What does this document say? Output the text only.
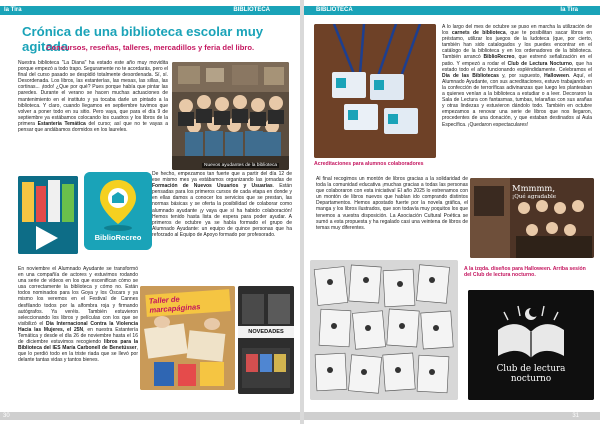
la Tira	BIBLIOTECA
Crónica de una biblioteca escolar muy agitada
Concursos, reseñas, talleres, mercadillos y feria del libro.
Nuestra biblioteca "La Diana" ha estado este año muy movidita porque empezó a todo trapo. Seguramente no te acordarás, pero el final del curso pasado se despidió totalmente desordenada. Sí, sí. Desordenada. Los libros, las estanterías, las mesas, las sillas, las cortinas... ¡todo! ¿Que por qué? Pues porque había que pintar las paredes. Durante el verano se hacen muchas actuaciones de mantenimiento en el instituto y ya tocaba darle un pintado a la biblioteca. Y claro, cuando llegamos en septiembre tuvimos que volver a poner todo en su sitio. Pero vaya, que para el día 9 de septiembre ya estábamos colocando los cuadros y los libros de la primera Estantería Temática del curso; así que no te vayas a pensar que andábamos dormidos en los laureles.
Nuevos ayudantes de la biblioteca
BiblioRecreo
De hecho, empezamos tan fuerte que a partir del día 12 de ese mismo mes ya estábamos organizando las jornadas de Formación de Nuevos Usuarios y Usuarias. Están pensadas para los primeros cursos de cada etapa en donde y en ellas damos a conocer los servicios que se prestan, las normas básicas y se oferta la posibilidad de colaborar como alumnado ayudante ¡y vaya que sí ha habido colaboración! Hemos tenido hasta lista de espera para poder ayudar. A primeros de octubre ya se había formado el grupo de Alumnado Ayudante: un equipo de quince personas que ha reforzado al Equipo de Apoyo formado por profesorado.
En noviembre el Alumnado Ayudante se transformó en una compañía de actores y estuvimos rodando una serie de vídeos en los que escenifican cómo se usa correctamente la biblioteca y cómo no. Están todos nominados para los Goya y los Óscars y ya mismo los veremos en el Festival de Cannes desfilando todos por la alfombra roja y firmando autógrafos. Ya veréis. También estuvieron seleccionando los libros y películas con los que se visibilizó el Día Internacional Contra la Violencia Hacia las Mujeres, el 25N, en nuestra Estantería Temática y desde el día 26 de noviembre hasta el 16 de diciembre estuvimos recogiendo libros para la Biblioteca del IES María Carbonell de Benetússer, que lo perdió todo en la triste riada que se llevó por delante tantas vidas y tantos bienes.
Taller de marcapáginas
NOVEDADES
30
BIBLIOTECA	la Tira
A lo largo del mes de octubre se puso en marcha la utilización de los carnets de biblioteca, que te posibilitan sacar libros en préstamo, utilizar los juegos de la ludoteca (que, por cierto, también han sido catalogados y los puedes encontrar en el catálogo de la biblioteca y en los ordenadores de la biblioteca. También arrancó BiblioRecreo, que estrenó señalización en el patio. Y empezó a rodar el Club de Lectura Nocturno, que ha estado todo el año funcionando espléndidamente. Celebramos el Día de las Bibliotecas y, por supuesto, Halloween. Aquí, el Alumnado Ayudante, con sus acreditaciones, estuvo trabajando en la confección de terroríficas adivinanzas que luego les planteaban a quienes venían a la biblioteca a estudiar o a leer. Decoraron la Sala de Lectura con fantasmas, tumbas, telarañas con sus arañas y otras lindezas y estuvieron dándolo todo. También en octubre empezamos a renovar una serie de libros que nos llegaron, procedentes de una donación, y que estaban destinados al Aula Específica. ¡Quedaron espectaculares!
Acreditaciones para alumnos colaboradores
Al final recogimos un montón de libros gracias a la solidaridad de toda la comunidad educativa ¡muchas gracias a todas las personas que colaboraron con esta iniciativa! El año 2025 lo estrenamos con un montón de libros nuevos que habían ido comprando distintos Departamentos. Hemos apostado fuerte por la novela gráfica, el manga y los libros ilustrados, que son todavía muy poquitos los que tenemos a vuestra disposición. La Asociación Cultural Poética se sumó a esta propuesta y ha regalado casi una veintena de libros de temas muy diferentes.
Mmmmm,
¡Qué agradable
A la izqda. diseños para Halloween. Arriba sesión del Club de lectura nocturno.
Club de lectura
nocturno
31
